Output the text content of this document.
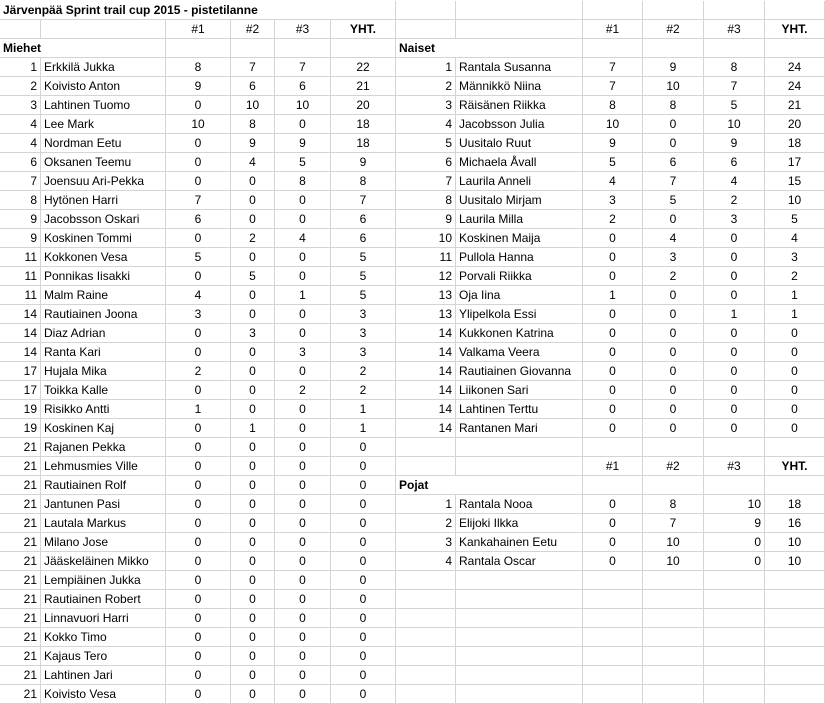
Järvenpää Sprint trail cup 2015 - pistetilanne
#1	#2	#3	YHT.	#1	#2	#3	YHT.
Miehet	Naiset
1 Erkkilä Jukka	8	7	7	22
2 Koivisto Anton	9	6	6	21
3 Lahtinen Tuomo	0	10	10	20
4 Lee Mark	10	8	0	18
4 Nordman Eetu	0	9	9	18
6 Oksanen Teemu	0	4	5	9
7 Joensuu Ari-Pekka	0	0	8	8
8 Hytönen Harri	7	0	0	7
9 Jacobsson Oskari	6	0	0	6
9 Koskinen Tommi	0	2	4	6
11 Kokkonen Vesa	5	0	0	5
11 Ponnikas Iisakki	0	5	0	5
11 Malm Raine	4	0	1	5
14 Rautiainen Joona	3	0	0	3
14 Diaz Adrian	0	3	0	3
14 Ranta Kari	0	0	3	3
17 Hujala Mika	2	0	0	2
17 Toikka Kalle	0	0	2	2
19 Risikko Antti	1	0	0	1
19 Koskinen Kaj	0	1	0	1
21 Rajanen Pekka	0	0	0	0
21 Lehmusmies Ville	0	0	0	0
21 Rautiainen Rolf	0	0	0	0
21 Jantunen Pasi	0	0	0	0
21 Lautala Markus	0	0	0	0
21 Milano Jose	0	0	0	0
21 Jääskeläinen Mikko	0	0	0	0
21 Lempiäinen Jukka	0	0	0	0
21 Rautiainen Robert	0	0	0	0
21 Linnavuori Harri	0	0	0	0
21 Kokko Timo	0	0	0	0
21 Kajaus Tero	0	0	0	0
21 Lahtinen Jari	0	0	0	0
21 Koivisto Vesa	0	0	0	0
1 Rantala Susanna	7	9	8	24
2 Männikkö Niina	7	10	7	24
3 Räisänen Riikka	8	8	5	21
4 Jacobsson Julia	10	0	10	20
5 Uusitalo Ruut	9	0	9	18
6 Michaela Åvall	5	6	6	17
7 Laurila Anneli	4	7	4	15
8 Uusitalo Mirjam	3	5	2	10
9 Laurila Milla	2	0	3	5
10 Koskinen Maija	0	4	0	4
11 Pullola Hanna	0	3	0	3
12 Porvali Riikka	0	2	0	2
13 Oja Iina	1	0	0	1
13 Ylipelkola Essi	0	0	1	1
14 Kukkonen Katrina	0	0	0	0
14 Valkama Veera	0	0	0	0
14 Rautiainen Giovanna	0	0	0	0
14 Liikonen Sari	0	0	0	0
14 Lahtinen Terttu	0	0	0	0
14 Rantanen Mari	0	0	0	0
#1	#2	#3	YHT.
Pojat
1 Rantala Nooa	0	8	10	18
2 Elijoki Ilkka	0	7	9	16
3 Kankahainen Eetu	0	10	0	10
4 Rantala Oscar	0	10	0	10
